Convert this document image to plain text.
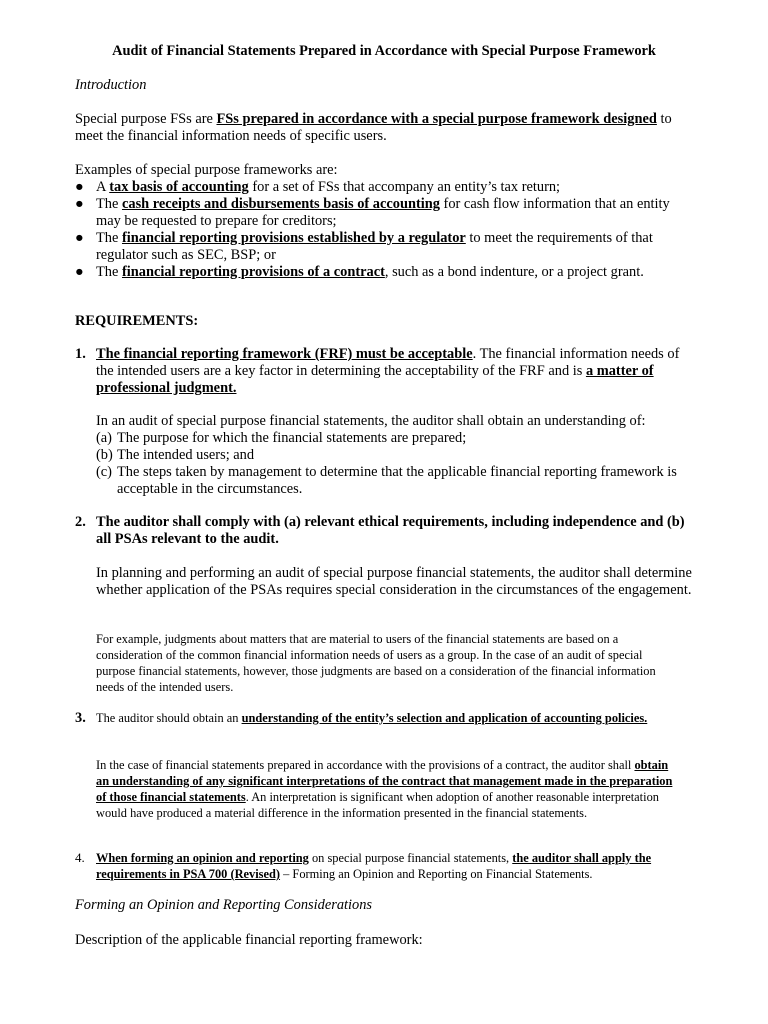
Audit of Financial Statements Prepared in Accordance with Special Purpose Framework
Introduction
Special purpose FSs are FSs prepared in accordance with a special purpose framework designed to meet the financial information needs of specific users.
Examples of special purpose frameworks are:
● A tax basis of accounting for a set of FSs that accompany an entity’s tax return;
● The cash receipts and disbursements basis of accounting for cash flow information that an entity may be requested to prepare for creditors;
● The financial reporting provisions established by a regulator to meet the requirements of that regulator such as SEC, BSP; or
● The financial reporting provisions of a contract, such as a bond indenture, or a project grant.
REQUIREMENTS:
1. The financial reporting framework (FRF) must be acceptable. The financial information needs of the intended users are a key factor in determining the acceptability of the FRF and is a matter of professional judgment.
In an audit of special purpose financial statements, the auditor shall obtain an understanding of:
(a) The purpose for which the financial statements are prepared;
(b) The intended users; and
(c) The steps taken by management to determine that the applicable financial reporting framework is acceptable in the circumstances.
2. The auditor shall comply with (a) relevant ethical requirements, including independence and (b) all PSAs relevant to the audit.
In planning and performing an audit of special purpose financial statements, the auditor shall determine whether application of the PSAs requires special consideration in the circumstances of the engagement.
For example, judgments about matters that are material to users of the financial statements are based on a consideration of the common financial information needs of users as a group. In the case of an audit of special purpose financial statements, however, those judgments are based on a consideration of the financial information needs of the intended users.
3. The auditor should obtain an understanding of the entity’s selection and application of accounting policies.
In the case of financial statements prepared in accordance with the provisions of a contract, the auditor shall obtain an understanding of any significant interpretations of the contract that management made in the preparation of those financial statements. An interpretation is significant when adoption of another reasonable interpretation would have produced a material difference in the information presented in the financial statements.
4. When forming an opinion and reporting on special purpose financial statements, the auditor shall apply the requirements in PSA 700 (Revised) – Forming an Opinion and Reporting on Financial Statements.
Forming an Opinion and Reporting Considerations
Description of the applicable financial reporting framework:
